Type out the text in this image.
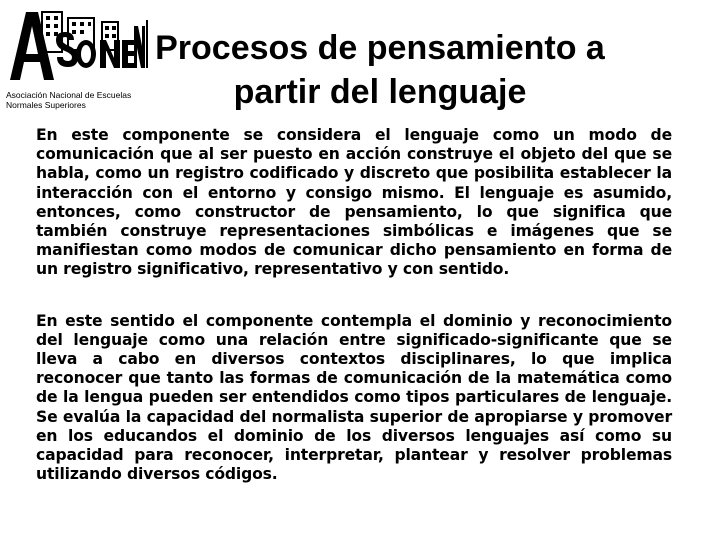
Asociación Nacional de Escuelas
Normales Superiores
Procesos de pensamiento a
partir del lenguaje

En este componente se considera el lenguaje como un modo de comunicación que al ser puesto en acción construye el objeto del que se habla, como un registro codificado y discreto que posibilita establecer la interacción con el entorno y consigo mismo. El lenguaje es asumido, entonces, como constructor de pensamiento, lo que significa que también construye representaciones simbólicas e imágenes que se manifiestan como modos de comunicar dicho pensamiento en forma de un registro significativo, representativo y con sentido.

En este sentido el componente contempla el dominio y reconocimiento del lenguaje como una relación entre significado-significante que se lleva a cabo en diversos contextos disciplinares, lo que implica reconocer que tanto las formas de comunicación de la matemática como de la lengua pueden ser entendidos como tipos particulares de lenguaje. Se evalúa la capacidad del normalista superior de apropiarse y promover en los educandos el dominio de los diversos lenguajes así como su capacidad para reconocer, interpretar, plantear y resolver problemas utilizando diversos códigos.
